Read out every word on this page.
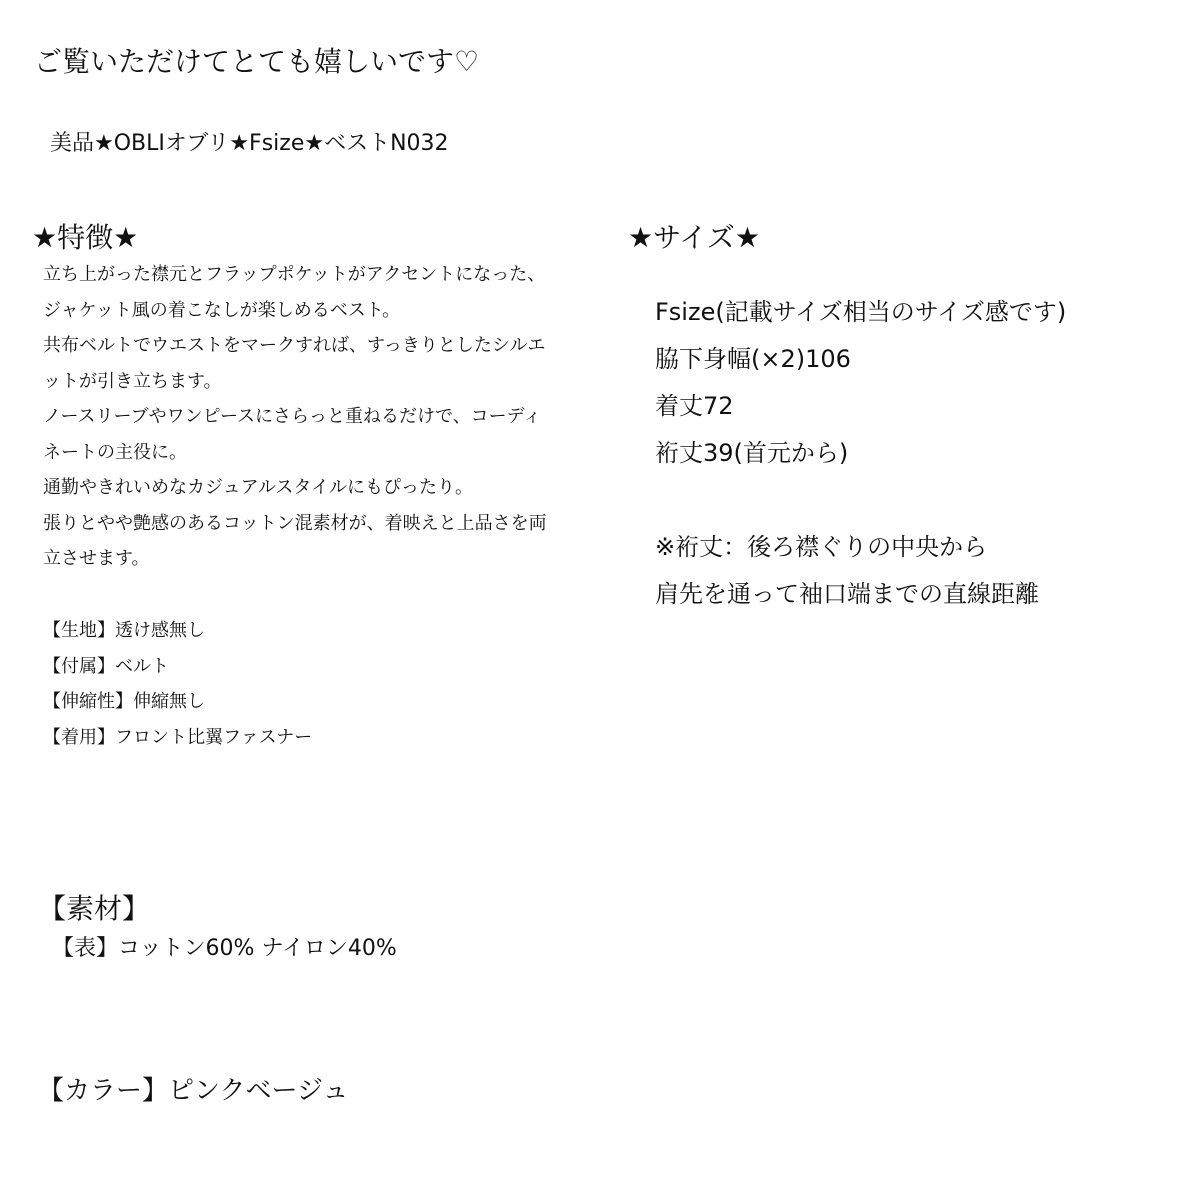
ご覧いただけてとても嬉しいです♡
美品★OBLIオブリ★Fsize★ベストN032
★特徴★
立ち上がった襟元とフラップポケットがアクセントになった、
ジャケット風の着こなしが楽しめるベスト。
共布ベルトでウエストをマークすれば、すっきりとしたシルエ
ットが引き立ちます。
ノースリーブやワンピースにさらっと重ねるだけで、コーディ
ネートの主役に。
通勤やきれいめなカジュアルスタイルにもぴったり。
張りとやや艶感のあるコットン混素材が、着映えと上品さを両
立させます。
【生地】透け感無し
【付属】ベルト
【伸縮性】伸縮無し
【着用】フロント比翼ファスナー
★サイズ★
Fsize(記載サイズ相当のサイズ感です)
脇下身幅(×2)106
着丈72
裄丈39(首元から)
※裄丈：後ろ襟ぐりの中央から
肩先を通って袖口端までの直線距離
【素材】
【表】コットン60% ナイロン40%
【カラー】ピンクベージュ
